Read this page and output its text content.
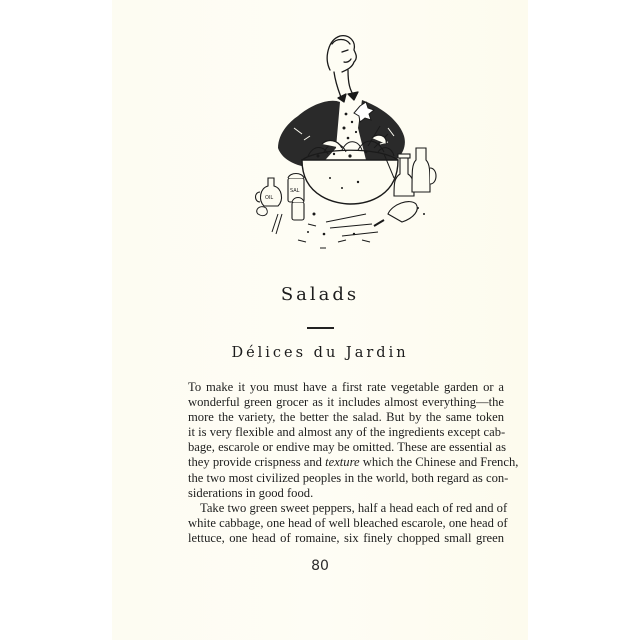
OIL
SAL
Salads
Délices du Jardin
To make it you must have a first rate vegetable garden or a
wonderful green grocer as it includes almost everything—the
more the variety, the better the salad. But by the same token
it is very flexible and almost any of the ingredients except cab-
bage, escarole or endive may be omitted. These are essential as
they provide crispness and texture which the Chinese and French,
the two most civilized peoples in the world, both regard as con-
siderations in good food.
Take two green sweet peppers, half a head each of red and of
white cabbage, one head of well bleached escarole, one head of
lettuce, one head of romaine, six finely chopped small green
80
